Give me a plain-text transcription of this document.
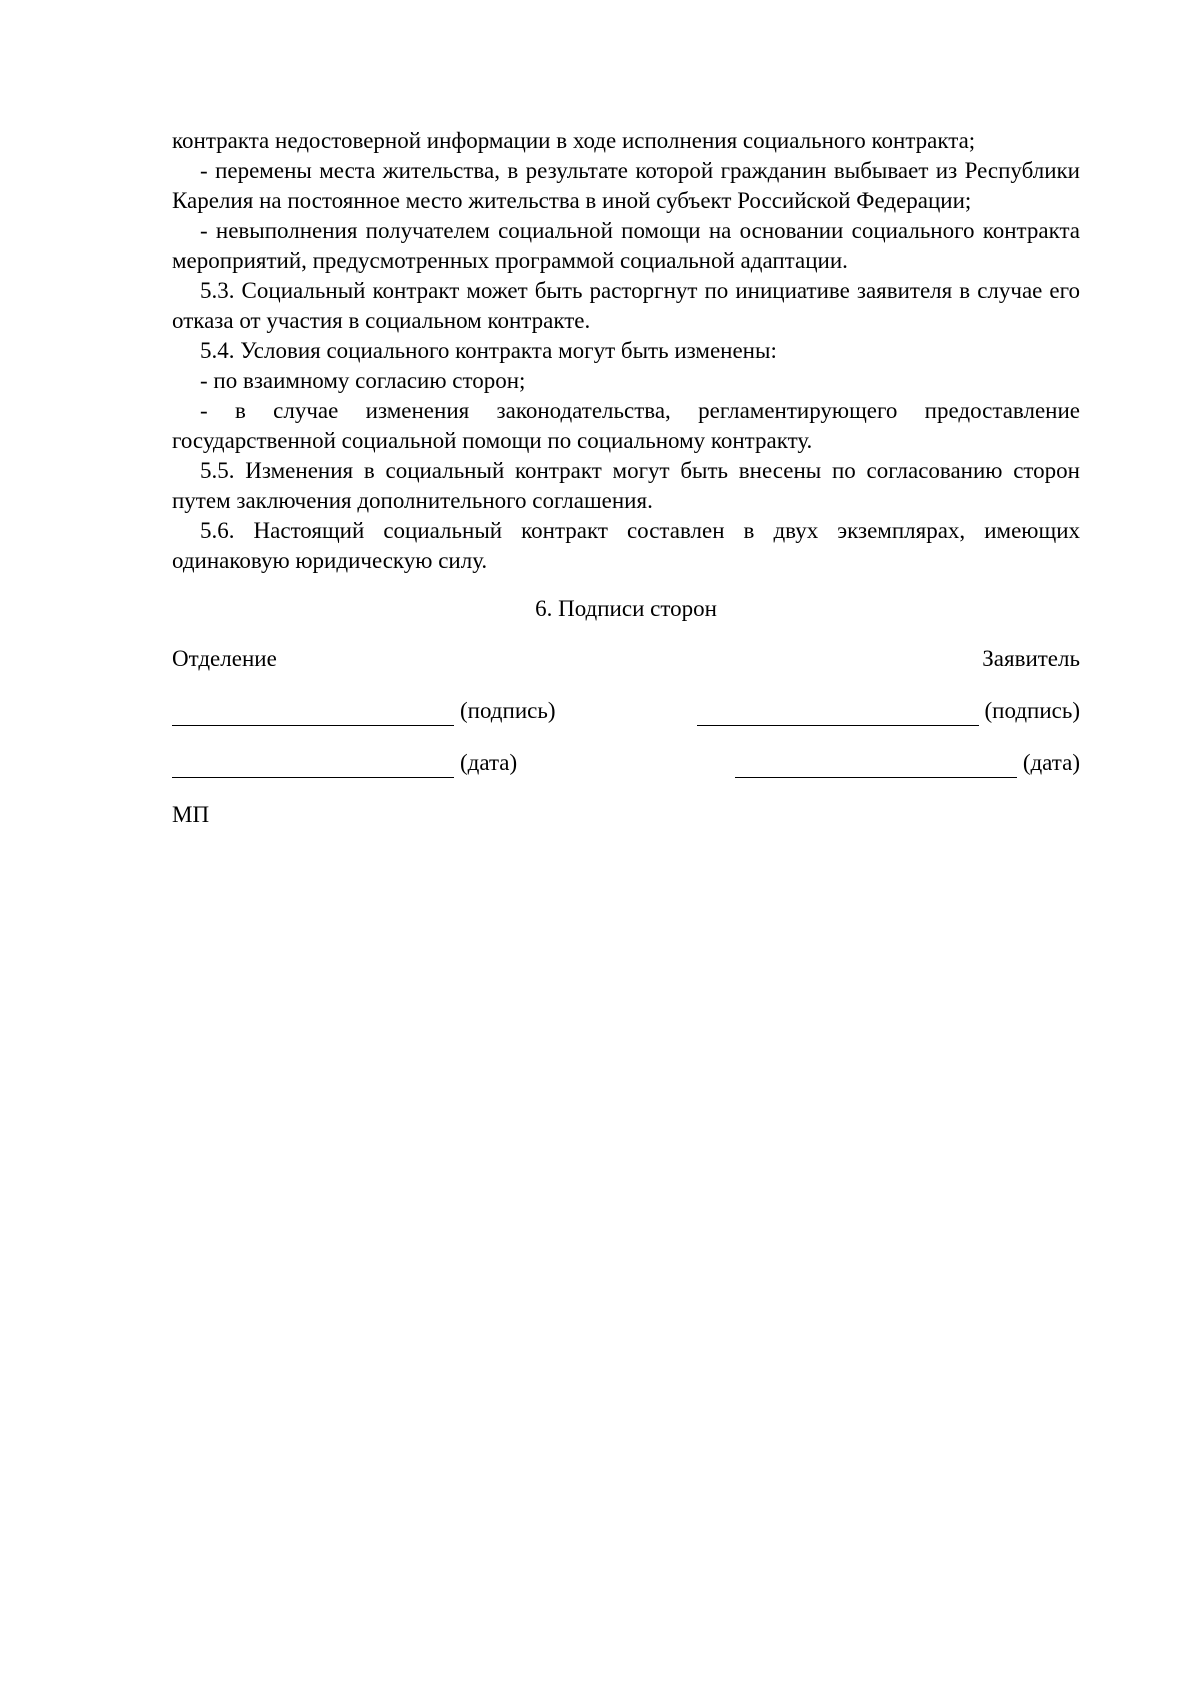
контракта недостоверной информации в ходе исполнения социального контракта;

- перемены места жительства, в результате которой гражданин выбывает из Республики Карелия на постоянное место жительства в иной субъект Российской Федерации;

- невыполнения получателем социальной помощи на основании социального контракта мероприятий, предусмотренных программой социальной адаптации.

5.3. Социальный контракт может быть расторгнут по инициативе заявителя в случае его отказа от участия в социальном контракте.

5.4. Условия социального контракта могут быть изменены:

- по взаимному согласию сторон;

- в случае изменения законодательства, регламентирующего предоставление государственной социальной помощи по социальному контракту.

5.5. Изменения в социальный контракт могут быть внесены по согласованию сторон путем заключения дополнительного соглашения.

5.6. Настоящий социальный контракт составлен в двух экземплярах, имеющих одинаковую юридическую силу.

6. Подписи сторон
Отделение	Заявитель
(подпись)	(подпись)
(дата)	(дата)
МП
